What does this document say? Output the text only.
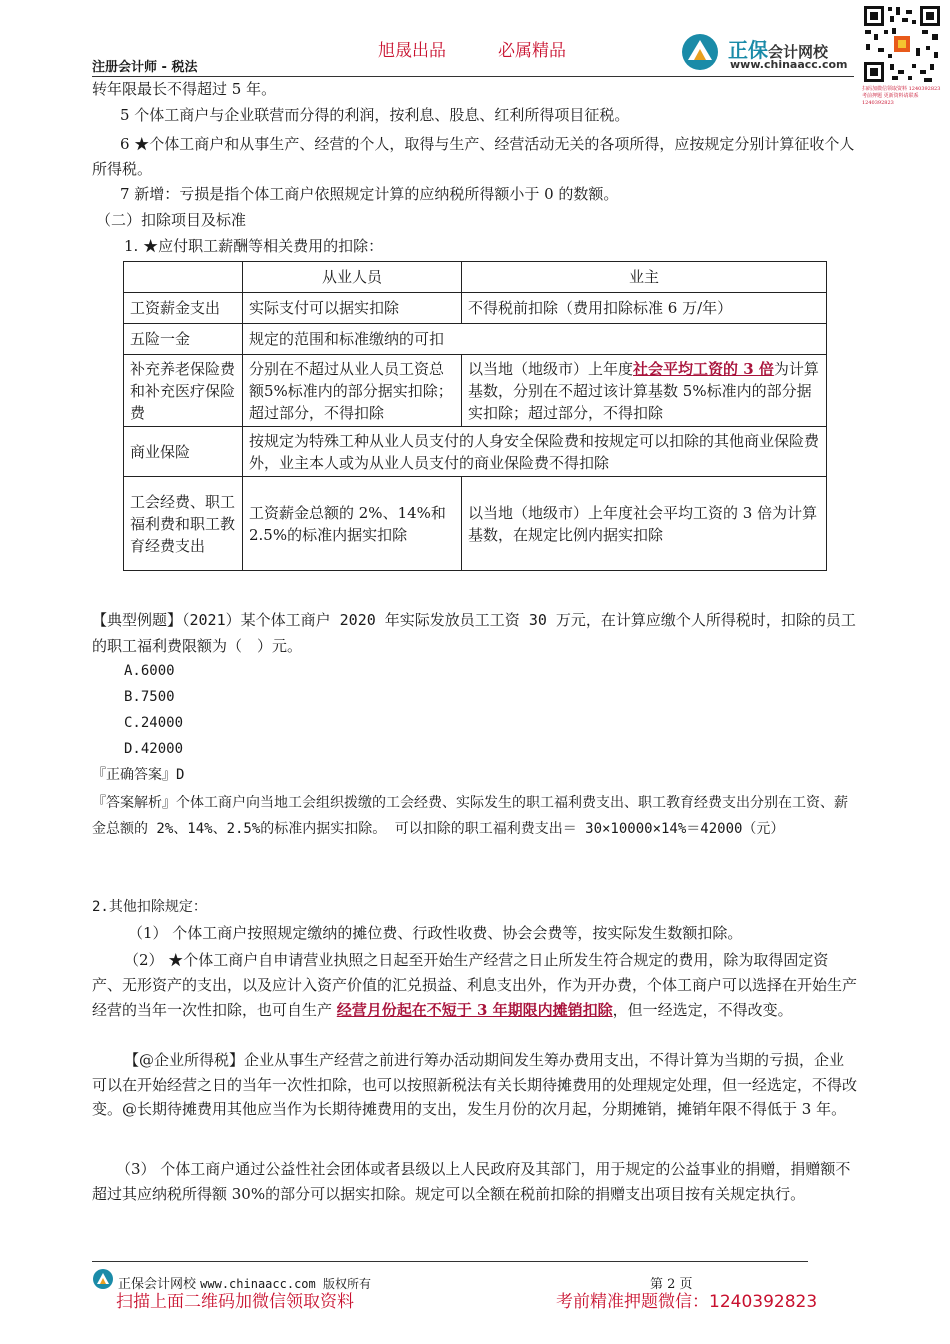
旭晟出品	必属精品	正保会计网校
www.chinaacc.com
注册会计师 - 税法
扫码加微信领取资料 1240392823
考前押题 更新资料请联系 1240392823
转年限最长不得超过 5 年。
5 个体工商户与企业联营而分得的利润，按利息、股息、红利所得项目征税。
6 ★个体工商户和从事生产、经营的个人，取得与生产、经营活动无关的各项所得，应按规定分别计算征收个人所得税。
7 新增：亏损是指个体工商户依照规定计算的应纳税所得额小于 0 的数额。
（二）扣除项目及标准
1. ★应付职工薪酬等相关费用的扣除：
	从业人员	业主
工资薪金支出	实际支付可以据实扣除	不得税前扣除（费用扣除标准 6 万/年）
五险一金	规定的范围和标准缴纳的可扣	
补充养老保险费和补充医疗保险费	分别在不超过从业人员工资总额5%标准内的部分据实扣除；超过部分，不得扣除	以当地（地级市）上年度社会平均工资的 3 倍为计算基数，分别在不超过该计算基数 5%标准内的部分据实扣除；超过部分，不得扣除
商业保险	按规定为特殊工种从业人员支付的人身安全保险费和按规定可以扣除的其他商业保险费外，业主本人或为从业人员支付的商业保险费不得扣除	
工会经费、职工福利费和职工教育经费支出	工资薪金总额的 2%、14%和 2.5%的标准内据实扣除	以当地（地级市）上年度社会平均工资的 3 倍为计算基数，在规定比例内据实扣除
【典型例题】（2021）某个体工商户 2020 年实际发放员工工资 30 万元，在计算应缴个人所得税时，扣除的员工的职工福利费限额为（　）元。
A.6000
B.7500
C.24000
D.42000
『正确答案』D
『答案解析』个体工商户向当地工会组织拨缴的工会经费、实际发生的职工福利费支出、职工教育经费支出分别在工资、薪金总额的 2%、14%、2.5%的标准内据实扣除。 可以扣除的职工福利费支出＝ 30×10000×14%＝42000（元）
2.其他扣除规定：
（1） 个体工商户按照规定缴纳的摊位费、行政性收费、协会会费等，按实际发生数额扣除。
（2） ★个体工商户自申请营业执照之日起至开始生产经营之日止所发生符合规定的费用，除为取得固定资产、无形资产的支出，以及应计入资产价值的汇兑损益、利息支出外，作为开办费，个体工商户可以选择在开始生产经营的当年一次性扣除，也可自生产 经营月份起在不短于 3 年期限内摊销扣除，但一经选定，不得改变。
【@企业所得税】企业从事生产经营之前进行筹办活动期间发生筹办费用支出，不得计算为当期的亏损，企业可以在开始经营之日的当年一次性扣除，也可以按照新税法有关长期待摊费用的处理规定处理，但一经选定，不得改变。@长期待摊费用其他应当作为长期待摊费用的支出，发生月份的次月起，分期摊销，摊销年限不得低于 3 年。
（3） 个体工商户通过公益性社会团体或者县级以上人民政府及其部门，用于规定的公益事业的捐赠，捐赠额不超过其应纳税所得额 30%的部分可以据实扣除。规定可以全额在税前扣除的捐赠支出项目按有关规定执行。
正保会计网校 www.chinaacc.com 版权所有	第 2 页
扫描上面二维码加微信领取资料	考前精准押题微信：1240392823
